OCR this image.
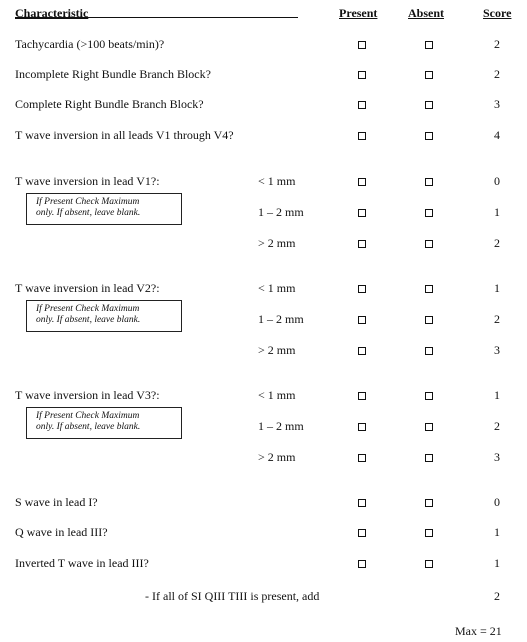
Characteristic	Present	Absent	Score
Tachycardia (>100 beats/min)?	2
Incomplete Right Bundle Branch Block?	2
Complete Right Bundle Branch Block?	3
T wave inversion in all leads V1 through V4?	4
T wave inversion in lead V1?:
If Present Check Maximum
only. If absent, leave blank.
< 1 mm	0
1 – 2 mm	1
> 2 mm	2
T wave inversion in lead V2?:
If Present Check Maximum
only. If absent, leave blank.
< 1 mm	1
1 – 2 mm	2
> 2 mm	3
T wave inversion in lead V3?:
If Present Check Maximum
only. If absent, leave blank.
< 1 mm	1
1 – 2 mm	2
> 2 mm	3
S wave in lead I?	0
Q wave in lead III?	1
Inverted T wave in lead III?	1
- If all of SI QIII TIII is present, add	2
Max = 21
